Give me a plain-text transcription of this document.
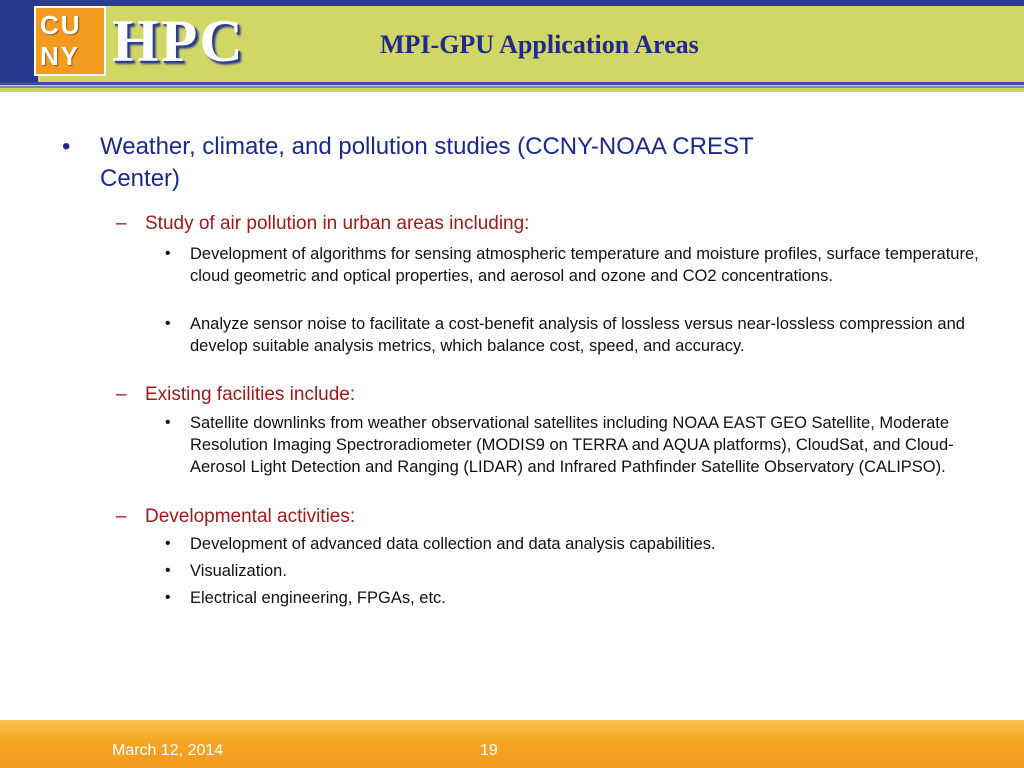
CU NY HPC	MPI-GPU Application Areas
• Weather, climate, and pollution studies (CCNY-NOAA CREST
Center)
– Study of air pollution in urban areas including:
• Development of algorithms for sensing atmospheric temperature and moisture profiles, surface temperature, cloud geometric and optical properties, and aerosol and ozone and CO2 concentrations.
• Analyze sensor noise to facilitate a cost-benefit analysis of lossless versus near-lossless compression and develop suitable analysis metrics, which balance cost, speed, and accuracy.
– Existing facilities include:
• Satellite downlinks from weather observational satellites including NOAA EAST GEO Satellite, Moderate Resolution Imaging Spectroradiometer (MODIS9 on TERRA and AQUA platforms), CloudSat, and Cloud-Aerosol Light Detection and Ranging (LIDAR) and Infrared Pathfinder Satellite Observatory (CALIPSO).
– Developmental activities:
• Development of advanced data collection and data analysis capabilities.
• Visualization.
• Electrical engineering, FPGAs, etc.
March 12, 2014	19
